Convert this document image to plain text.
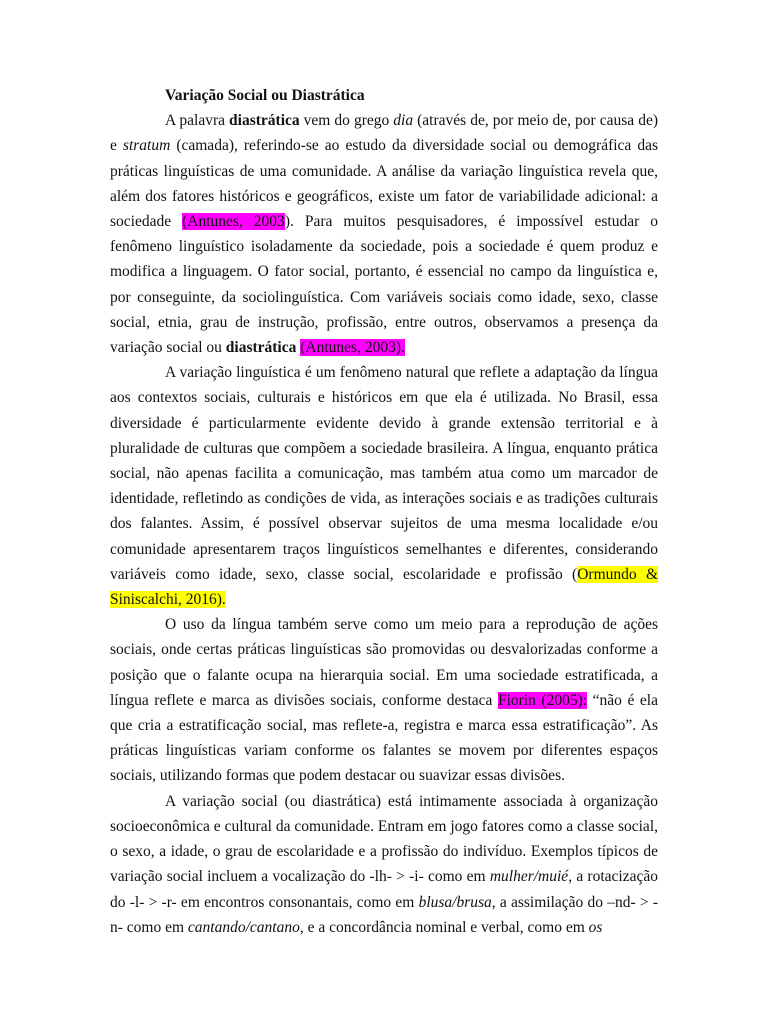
Variação Social ou Diastrática

A palavra diastrática vem do grego dia (através de, por meio de, por causa de) e stratum (camada), referindo-se ao estudo da diversidade social ou demográfica das práticas linguísticas de uma comunidade. A análise da variação linguística revela que, além dos fatores históricos e geográficos, existe um fator de variabilidade adicional: a sociedade (Antunes, 2003). Para muitos pesquisadores, é impossível estudar o fenômeno linguístico isoladamente da sociedade, pois a sociedade é quem produz e modifica a linguagem. O fator social, portanto, é essencial no campo da linguística e, por conseguinte, da sociolinguística. Com variáveis sociais como idade, sexo, classe social, etnia, grau de instrução, profissão, entre outros, observamos a presença da variação social ou diastrática (Antunes, 2003).

A variação linguística é um fenômeno natural que reflete a adaptação da língua aos contextos sociais, culturais e históricos em que ela é utilizada. No Brasil, essa diversidade é particularmente evidente devido à grande extensão territorial e à pluralidade de culturas que compõem a sociedade brasileira. A língua, enquanto prática social, não apenas facilita a comunicação, mas também atua como um marcador de identidade, refletindo as condições de vida, as interações sociais e as tradições culturais dos falantes. Assim, é possível observar sujeitos de uma mesma localidade e/ou comunidade apresentarem traços linguísticos semelhantes e diferentes, considerando variáveis como idade, sexo, classe social, escolaridade e profissão (Ormundo & Siniscalchi, 2016).

O uso da língua também serve como um meio para a reprodução de ações sociais, onde certas práticas linguísticas são promovidas ou desvalorizadas conforme a posição que o falante ocupa na hierarquia social. Em uma sociedade estratificada, a língua reflete e marca as divisões sociais, conforme destaca Fiorin (2005): “não é ela que cria a estratificação social, mas reflete-a, registra e marca essa estratificação”. As práticas linguísticas variam conforme os falantes se movem por diferentes espaços sociais, utilizando formas que podem destacar ou suavizar essas divisões.

A variação social (ou diastrática) está intimamente associada à organização socioeconômica e cultural da comunidade. Entram em jogo fatores como a classe social, o sexo, a idade, o grau de escolaridade e a profissão do indivíduo. Exemplos típicos de variação social incluem a vocalização do -lh- > -i- como em mulher/muié, a rotacização do -l- > -r- em encontros consonantais, como em blusa/brusa, a assimilação do –nd- > -n- como em cantando/cantano, e a concordância nominal e verbal, como em os
